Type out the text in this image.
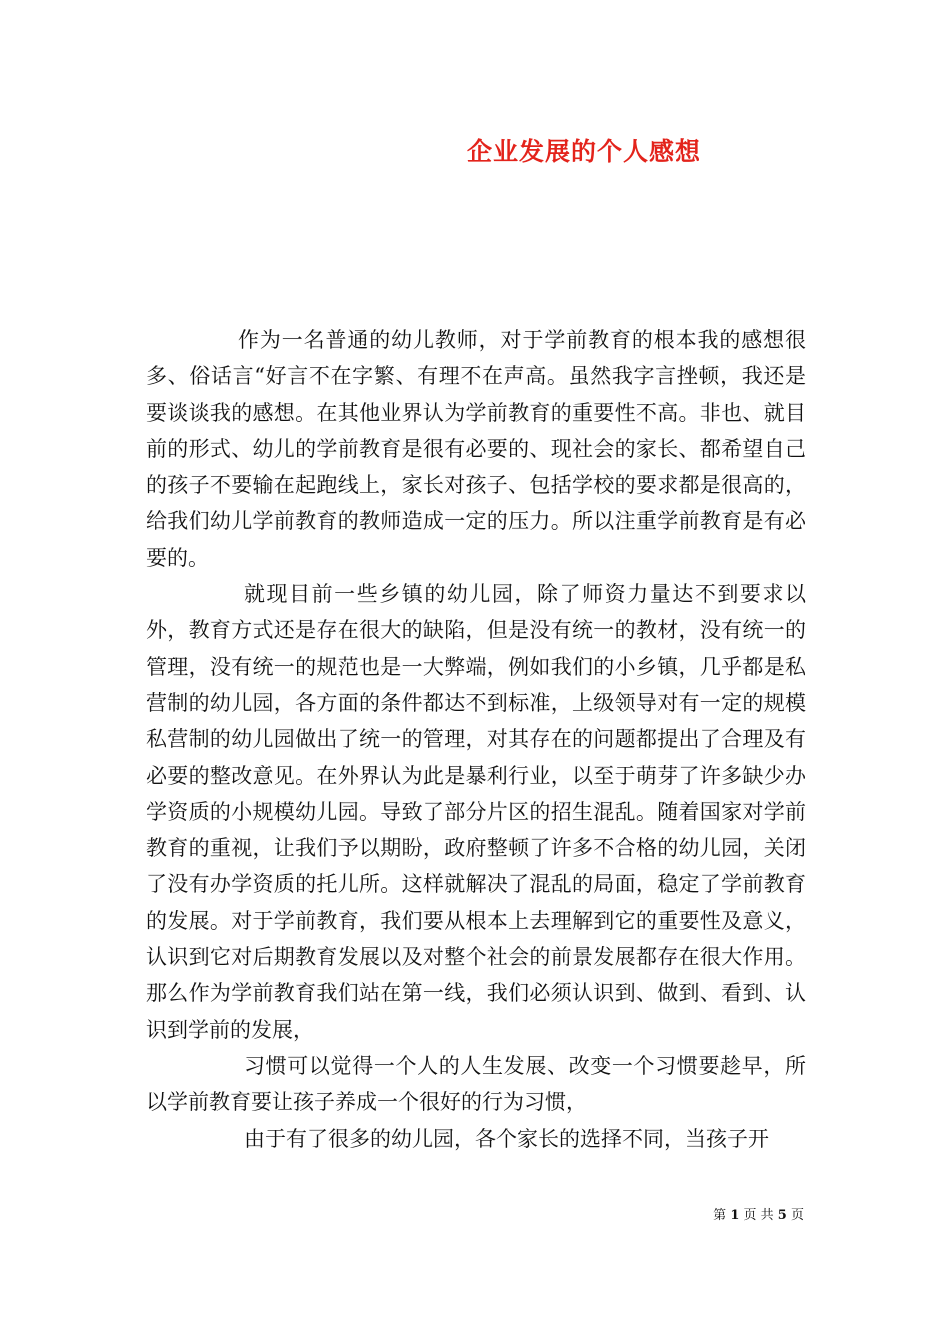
企业发展的个人感想

作为一名普通的幼儿教师，对于学前教育的根本我的感想很多、俗话言“好言不在字繁、有理不在声高。虽然我字言挫顿，我还是要谈谈我的感想。在其他业界认为学前教育的重要性不高。非也、就目前的形式、幼儿的学前教育是很有必要的、现社会的家长、都希望自己的孩子不要输在起跑线上，家长对孩子、包括学校的要求都是很高的，给我们幼儿学前教育的教师造成一定的压力。所以注重学前教育是有必要的。

就现目前一些乡镇的幼儿园，除了师资力量达不到要求以外，教育方式还是存在很大的缺陷，但是没有统一的教材，没有统一的管理，没有统一的规范也是一大弊端，例如我们的小乡镇，几乎都是私营制的幼儿园，各方面的条件都达不到标准，上级领导对有一定的规模私营制的幼儿园做出了统一的管理，对其存在的问题都提出了合理及有必要的整改意见。在外界认为此是暴利行业，以至于萌芽了许多缺少办学资质的小规模幼儿园。导致了部分片区的招生混乱。随着国家对学前教育的重视，让我们予以期盼，政府整顿了许多不合格的幼儿园，关闭了没有办学资质的托儿所。这样就解决了混乱的局面，稳定了学前教育的发展。对于学前教育，我们要从根本上去理解到它的重要性及意义，认识到它对后期教育发展以及对整个社会的前景发展都存在很大作用。那么作为学前教育我们站在第一线，我们必须认识到、做到、看到、认识到学前的发展，

习惯可以觉得一个人的人生发展、改变一个习惯要趁早，所以学前教育要让孩子养成一个很好的行为习惯，

由于有了很多的幼儿园，各个家长的选择不同，当孩子开

第 1 页 共 5 页
